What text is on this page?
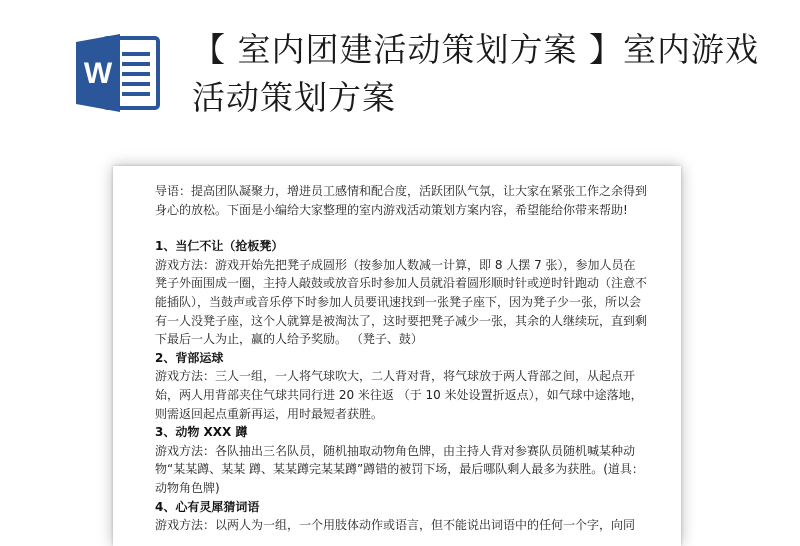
W
【 室内团建活动策划方案 】室内游戏活动策划方案

导语：提高团队凝聚力，增进员工感情和配合度，活跃团队气氛，让大家在紧张工作之余得到身心的放松。下面是小编给大家整理的室内游戏活动策划方案内容，希望能给你带来帮助!

1、当仁不让（抢板凳）

游戏方法：游戏开始先把凳子成圆形（按参加人数减一计算，即 8 人摆 7 张），参加人员在凳子外面围成一圈，主持人敲鼓或放音乐时参加人员就沿着圆形顺时针或逆时针跑动（注意不能插队），当鼓声或音乐停下时参加人员要讯速找到一张凳子座下，因为凳子少一张，所以会有一人没凳子座，这个人就算是被淘汰了，这时要把凳子减少一张，其余的人继续玩，直到剩下最后一人为止，赢的人给予奖励。 （凳子、鼓）

2、背部运球

游戏方法：三人一组，一人将气球吹大，二人背对背，将气球放于两人背部之间，从起点开始，两人用背部夹住气球共同行进 20 米往返 （于 10 米处设置折返点），如气球中途落地，则需返回起点重新再运，用时最短者获胜。

3、动物 XXX 蹲

游戏方法：各队抽出三名队员，随机抽取动物角色牌，由主持人背对参赛队员随机喊某种动物“某某蹲、某某 蹲、某某蹲完某某蹲”蹲错的被罚下场，最后哪队剩人最多为获胜。(道具：动物角色牌)

4、心有灵犀猜词语

游戏方法：以两人为一组，一个用肢体动作或语言，但不能说出词语中的任何一个字，向同
